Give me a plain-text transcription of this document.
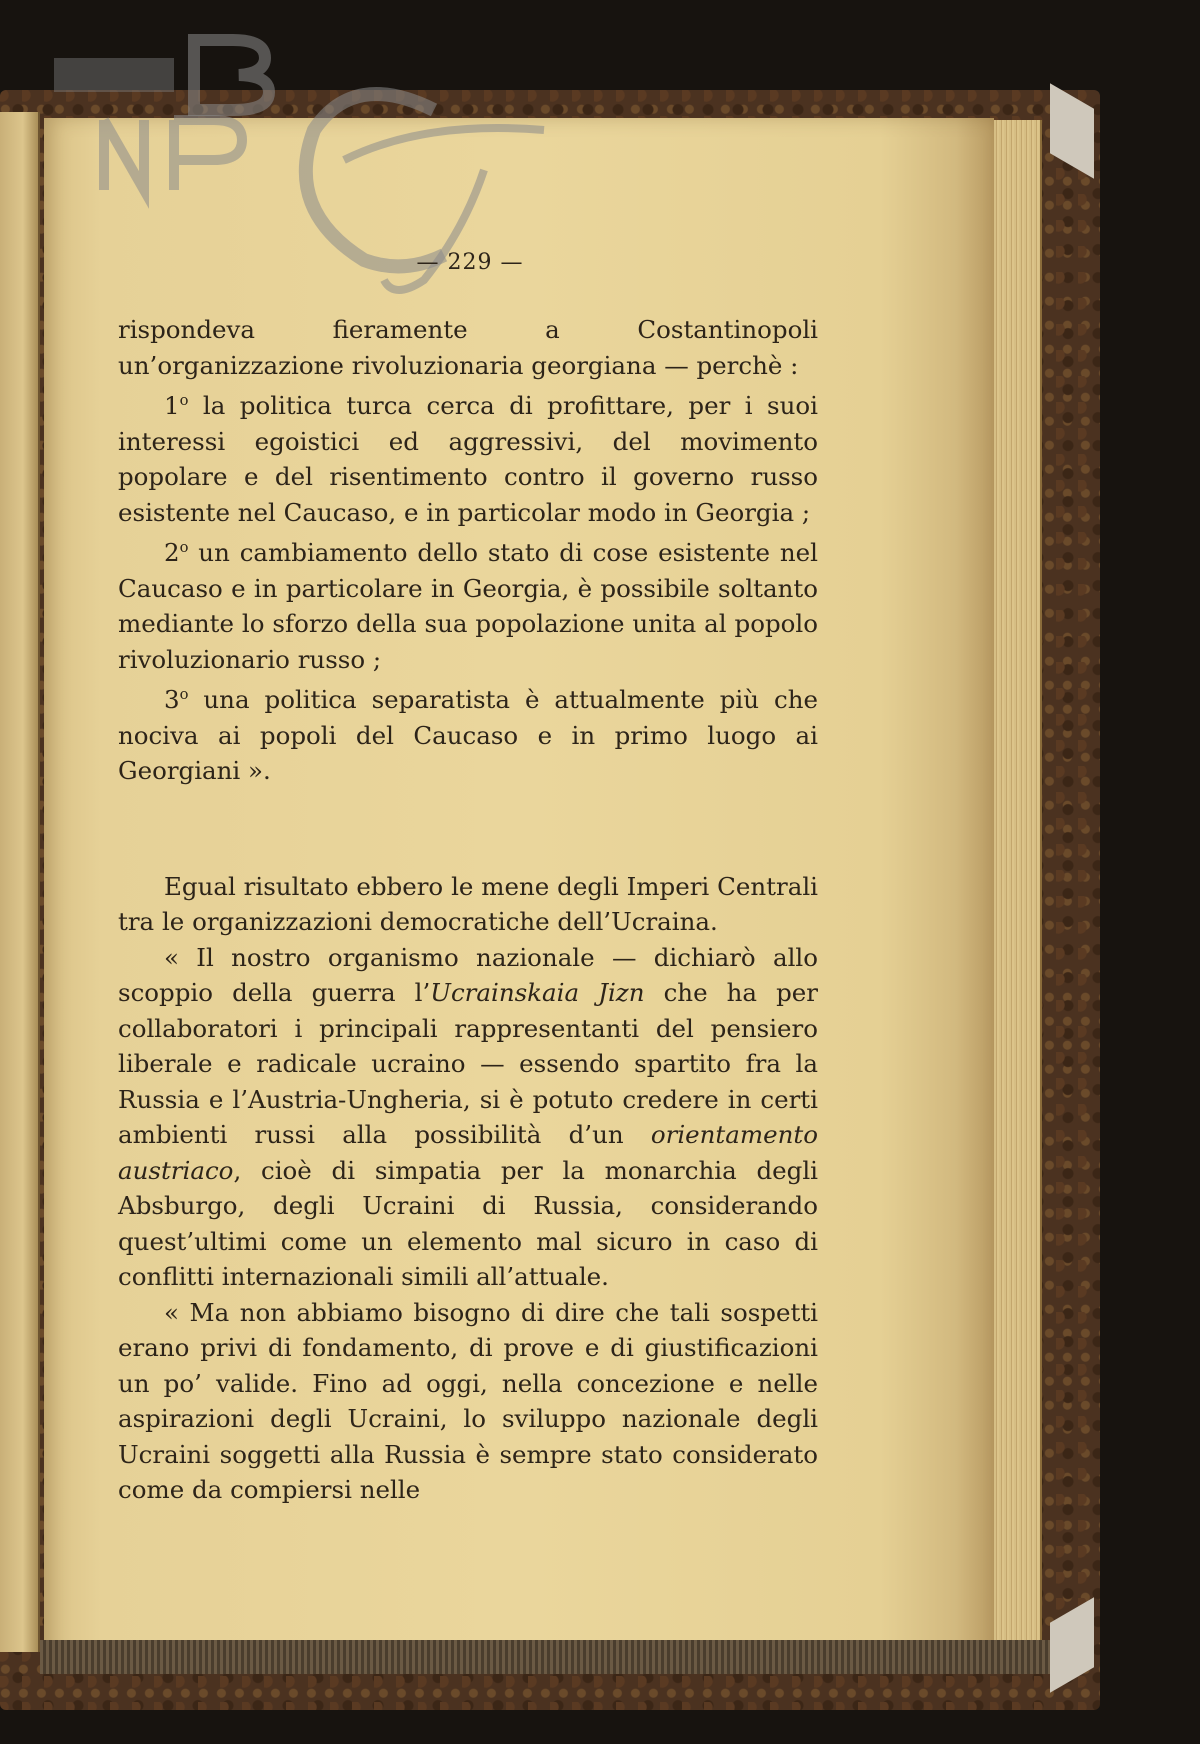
— 229 —

rispondeva fieramente a Costantinopoli un’organizzazione rivoluzionaria georgiana — perchè :

1$^o$ la politica turca cerca di profittare, per i suoi interessi egoistici ed aggressivi, del movimento popolare e del risentimento contro il governo russo esistente nel Caucaso, e in particolar modo in Georgia ;

2$^o$ un cambiamento dello stato di cose esistente nel Caucaso e in particolare in Georgia, è possibile soltanto mediante lo sforzo della sua popolazione unita al popolo rivoluzionario russo ;

3$^o$ una politica separatista è attualmente più che nociva ai popoli del Caucaso e in primo luogo ai Georgiani ».

Egual risultato ebbero le mene degli Imperi Centrali tra le organizzazioni democratiche dell’Ucraina.

« Il nostro organismo nazionale — dichiarò allo scoppio della guerra l’Ucrainskaia Jizn che ha per collaboratori i principali rappresentanti del pensiero liberale e radicale ucraino — essendo spartito fra la Russia e l’Austria-Ungheria, si è potuto credere in certi ambienti russi alla possibilità d’un orientamento austriaco, cioè di simpatia per la monarchia degli Absburgo, degli Ucraini di Russia, considerando quest’ultimi come un elemento mal sicuro in caso di conflitti internazionali simili all’attuale.

« Ma non abbiamo bisogno di dire che tali sospetti erano privi di fondamento, di prove e di giustificazioni un po’ valide. Fino ad oggi, nella concezione e nelle aspirazioni degli Ucraini, lo sviluppo nazionale degli Ucraini soggetti alla Russia è sempre stato considerato come da compiersi nelle
